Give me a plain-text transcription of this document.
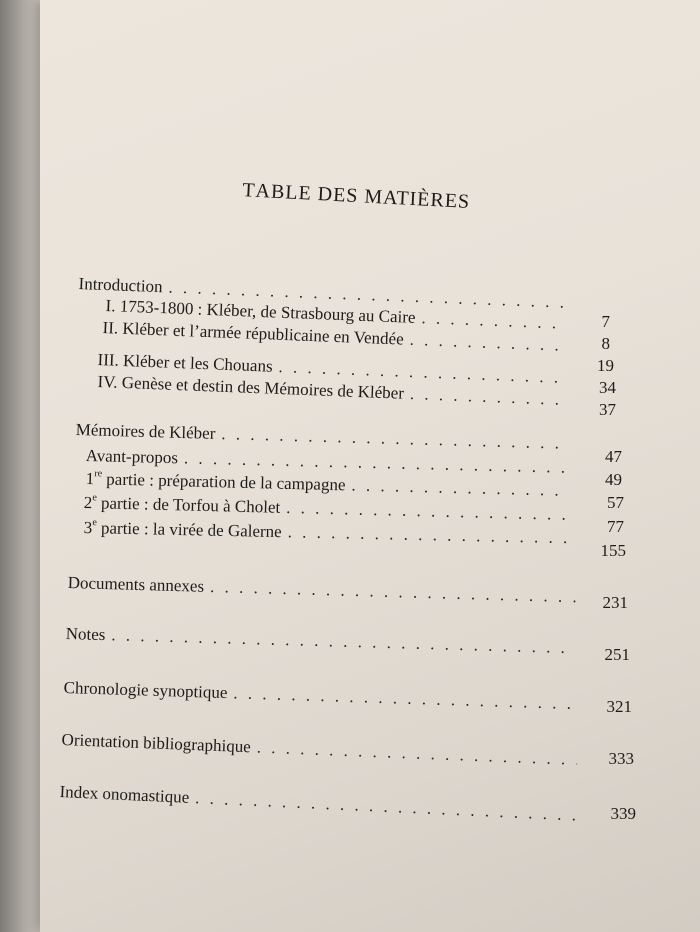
TABLE DES MATIÈRES
Introduction
. . .
I. 1753-1800 : Kléber, de Strasbourg au Caire
. . .
II. Kléber et l’armée républicaine en Vendée
. . .
III. Kléber et les Chouans
. . .
IV. Genèse et destin des Mémoires de Kléber
. . .
Mémoires de Kléber
. . .
Avant-propos
. . .
1re partie : préparation de la campagne
. . .
2e partie : de Torfou à Cholet
. . .
3e partie : la virée de Galerne
. . .
Documents annexes
. . .
Notes
. . .
Chronologie synoptique
. . .
Orientation bibliographique
. . .
Index onomastique
. . .
7
8
19
34
37
47
49
57
77
155
231
251
321
333
339
